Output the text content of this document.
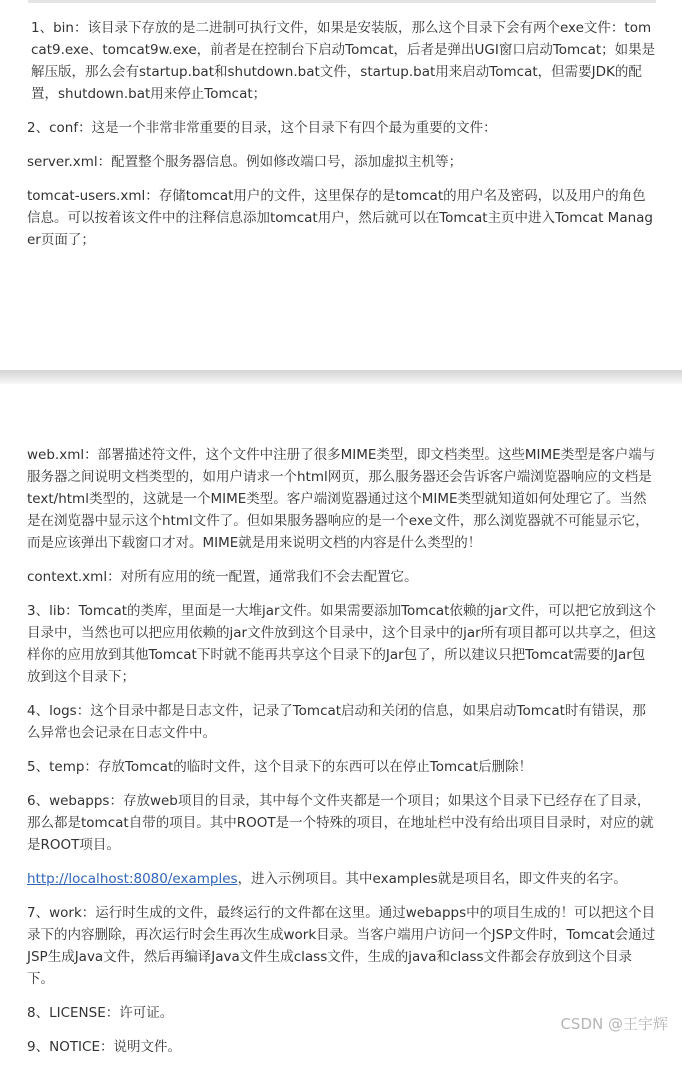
1、bin：该目录下存放的是二进制可执行文件，如果是安装版，那么这个目录下会有两个exe文件：tomcat9.exe、tomcat9w.exe，前者是在控制台下启动Tomcat，后者是弹出UGI窗口启动Tomcat；如果是解压版，那么会有startup.bat和shutdown.bat文件，startup.bat用来启动Tomcat，但需要JDK的配置，shutdown.bat用来停止Tomcat；

2、conf：这是一个非常非常重要的目录，这个目录下有四个最为重要的文件：

server.xml：配置整个服务器信息。例如修改端口号，添加虚拟主机等；

tomcat-users.xml：存储tomcat用户的文件，这里保存的是tomcat的用户名及密码，以及用户的角色信息。可以按着该文件中的注释信息添加tomcat用户，然后就可以在Tomcat主页中进入Tomcat Manager页面了；

web.xml：部署描述符文件，这个文件中注册了很多MIME类型，即文档类型。这些MIME类型是客户端与服务器之间说明文档类型的，如用户请求一个html网页，那么服务器还会告诉客户端浏览器响应的文档是text/html类型的，这就是一个MIME类型。客户端浏览器通过这个MIME类型就知道如何处理它了。当然是在浏览器中显示这个html文件了。但如果服务器响应的是一个exe文件，那么浏览器就不可能显示它，而是应该弹出下载窗口才对。MIME就是用来说明文档的内容是什么类型的！

context.xml：对所有应用的统一配置，通常我们不会去配置它。

3、lib：Tomcat的类库，里面是一大堆jar文件。如果需要添加Tomcat依赖的jar文件，可以把它放到这个目录中，当然也可以把应用依赖的jar文件放到这个目录中，这个目录中的jar所有项目都可以共享之，但这样你的应用放到其他Tomcat下时就不能再共享这个目录下的Jar包了，所以建议只把Tomcat需要的Jar包放到这个目录下；

4、logs：这个目录中都是日志文件，记录了Tomcat启动和关闭的信息，如果启动Tomcat时有错误，那么异常也会记录在日志文件中。

5、temp：存放Tomcat的临时文件，这个目录下的东西可以在停止Tomcat后删除！

6、webapps：存放web项目的目录，其中每个文件夹都是一个项目；如果这个目录下已经存在了目录，那么都是tomcat自带的项目。其中ROOT是一个特殊的项目，在地址栏中没有给出项目目录时，对应的就是ROOT项目。

http://localhost:8080/examples，进入示例项目。其中examples就是项目名，即文件夹的名字。

7、work：运行时生成的文件，最终运行的文件都在这里。通过webapps中的项目生成的！可以把这个目录下的内容删除，再次运行时会生再次生成work目录。当客户端用户访问一个JSP文件时，Tomcat会通过JSP生成Java文件，然后再编译Java文件生成class文件，生成的java和class文件都会存放到这个目录下。

8、LICENSE：许可证。

9、NOTICE：说明文件。

CSDN @王宇辉
